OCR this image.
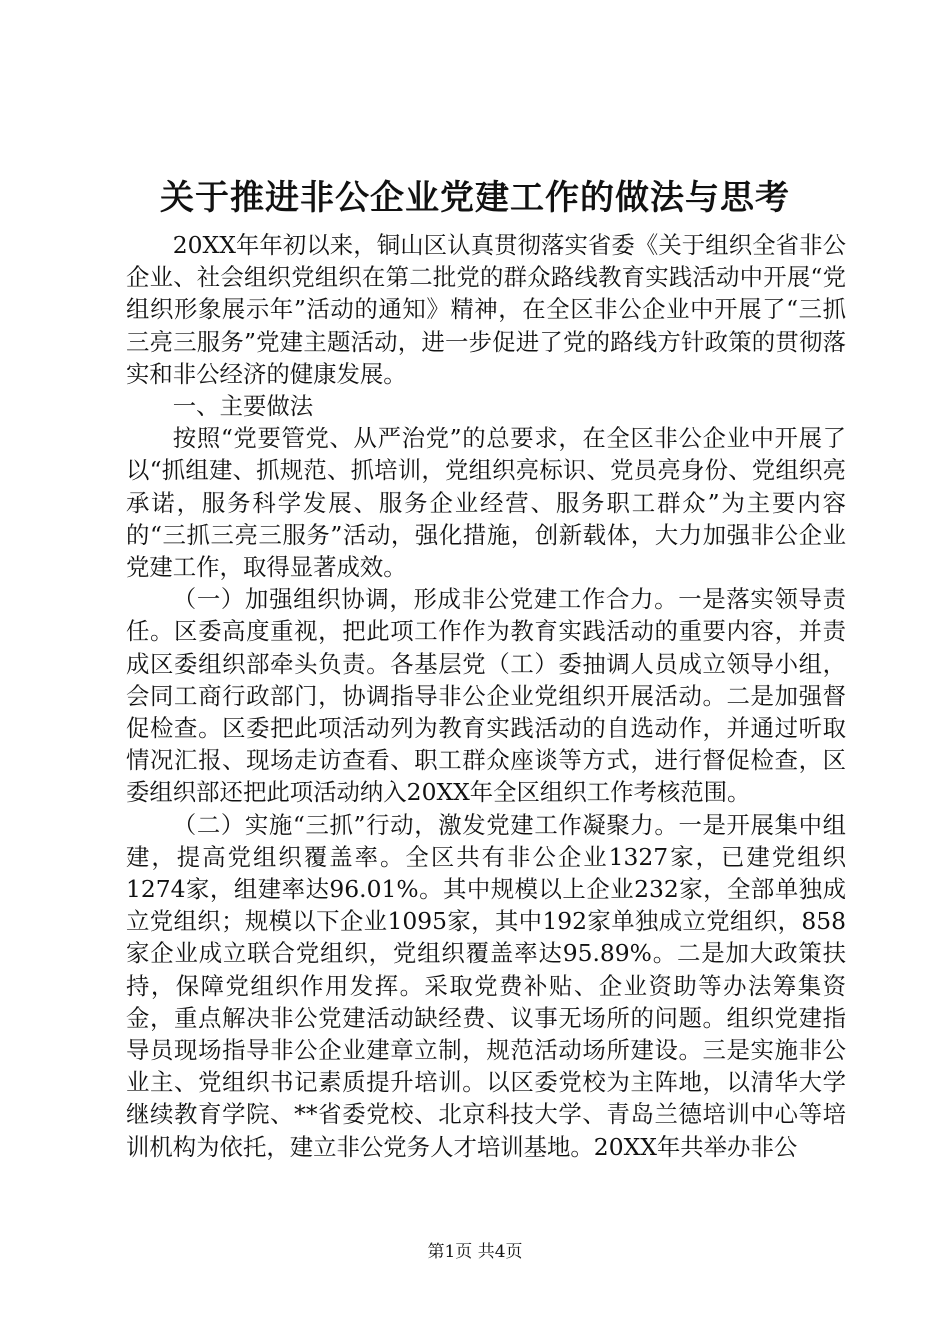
关于推进非公企业党建工作的做法与思考

20XX年年初以来，铜山区认真贯彻落实省委《关于组织全省非公企业、社会组织党组织在第二批党的群众路线教育实践活动中开展“党组织形象展示年”活动的通知》精神，在全区非公企业中开展了“三抓三亮三服务”党建主题活动，进一步促进了党的路线方针政策的贯彻落实和非公经济的健康发展。

一、主要做法

按照“党要管党、从严治党”的总要求，在全区非公企业中开展了以“抓组建、抓规范、抓培训，党组织亮标识、党员亮身份、党组织亮承诺，服务科学发展、服务企业经营、服务职工群众”为主要内容的“三抓三亮三服务”活动，强化措施，创新载体，大力加强非公企业党建工作，取得显著成效。

（一）加强组织协调，形成非公党建工作合力。一是落实领导责任。区委高度重视，把此项工作作为教育实践活动的重要内容，并责成区委组织部牵头负责。各基层党（工）委抽调人员成立领导小组，会同工商行政部门，协调指导非公企业党组织开展活动。二是加强督促检查。区委把此项活动列为教育实践活动的自选动作，并通过听取情况汇报、现场走访查看、职工群众座谈等方式，进行督促检查，区委组织部还把此项活动纳入20XX年全区组织工作考核范围。

（二）实施“三抓”行动，激发党建工作凝聚力。一是开展集中组建，提高党组织覆盖率。全区共有非公企业1327家，已建党组织1274家，组建率达96.01%。其中规模以上企业232家，全部单独成立党组织；规模以下企业1095家，其中192家单独成立党组织，858家企业成立联合党组织，党组织覆盖率达95.89%。二是加大政策扶持，保障党组织作用发挥。采取党费补贴、企业资助等办法筹集资金，重点解决非公党建活动缺经费、议事无场所的问题。组织党建指导员现场指导非公企业建章立制，规范活动场所建设。三是实施非公业主、党组织书记素质提升培训。以区委党校为主阵地，以清华大学继续教育学院、**省委党校、北京科技大学、青岛兰德培训中心等培训机构为依托，建立非公党务人才培训基地。20XX年共举办非公

第1页 共4页
